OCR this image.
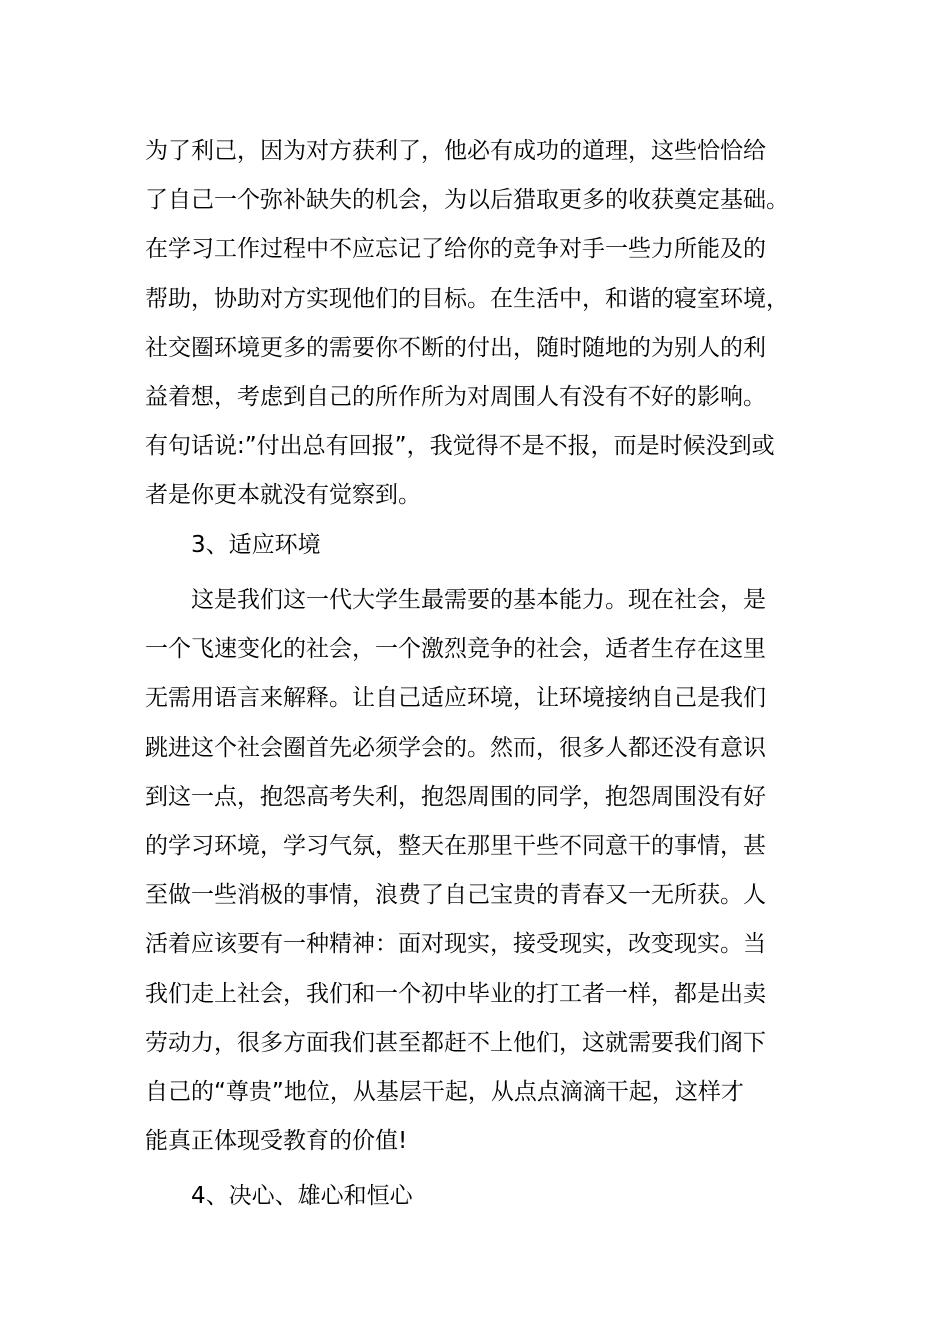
为了利己，因为对方获利了，他必有成功的道理，这些恰恰给
了自己一个弥补缺失的机会，为以后猎取更多的收获奠定基础。
在学习工作过程中不应忘记了给你的竞争对手一些力所能及的
帮助，协助对方实现他们的目标。在生活中，和谐的寝室环境，
社交圈环境更多的需要你不断的付出，随时随地的为别人的利
益着想，考虑到自己的所作所为对周围人有没有不好的影响。
有句话说:”付出总有回报”，我觉得不是不报，而是时候没到或
者是你更本就没有觉察到。
3、适应环境
这是我们这一代大学生最需要的基本能力。现在社会，是
一个飞速变化的社会，一个激烈竞争的社会，适者生存在这里
无需用语言来解释。让自己适应环境，让环境接纳自己是我们
跳进这个社会圈首先必须学会的。然而，很多人都还没有意识
到这一点，抱怨高考失利，抱怨周围的同学，抱怨周围没有好
的学习环境，学习气氛，整天在那里干些不同意干的事情，甚
至做一些消极的事情，浪费了自己宝贵的青春又一无所获。人
活着应该要有一种精神：面对现实，接受现实，改变现实。当
我们走上社会，我们和一个初中毕业的打工者一样，都是出卖
劳动力，很多方面我们甚至都赶不上他们，这就需要我们阁下
自己的“尊贵”地位，从基层干起，从点点滴滴干起，这样才
能真正体现受教育的价值!
4、决心、雄心和恒心
